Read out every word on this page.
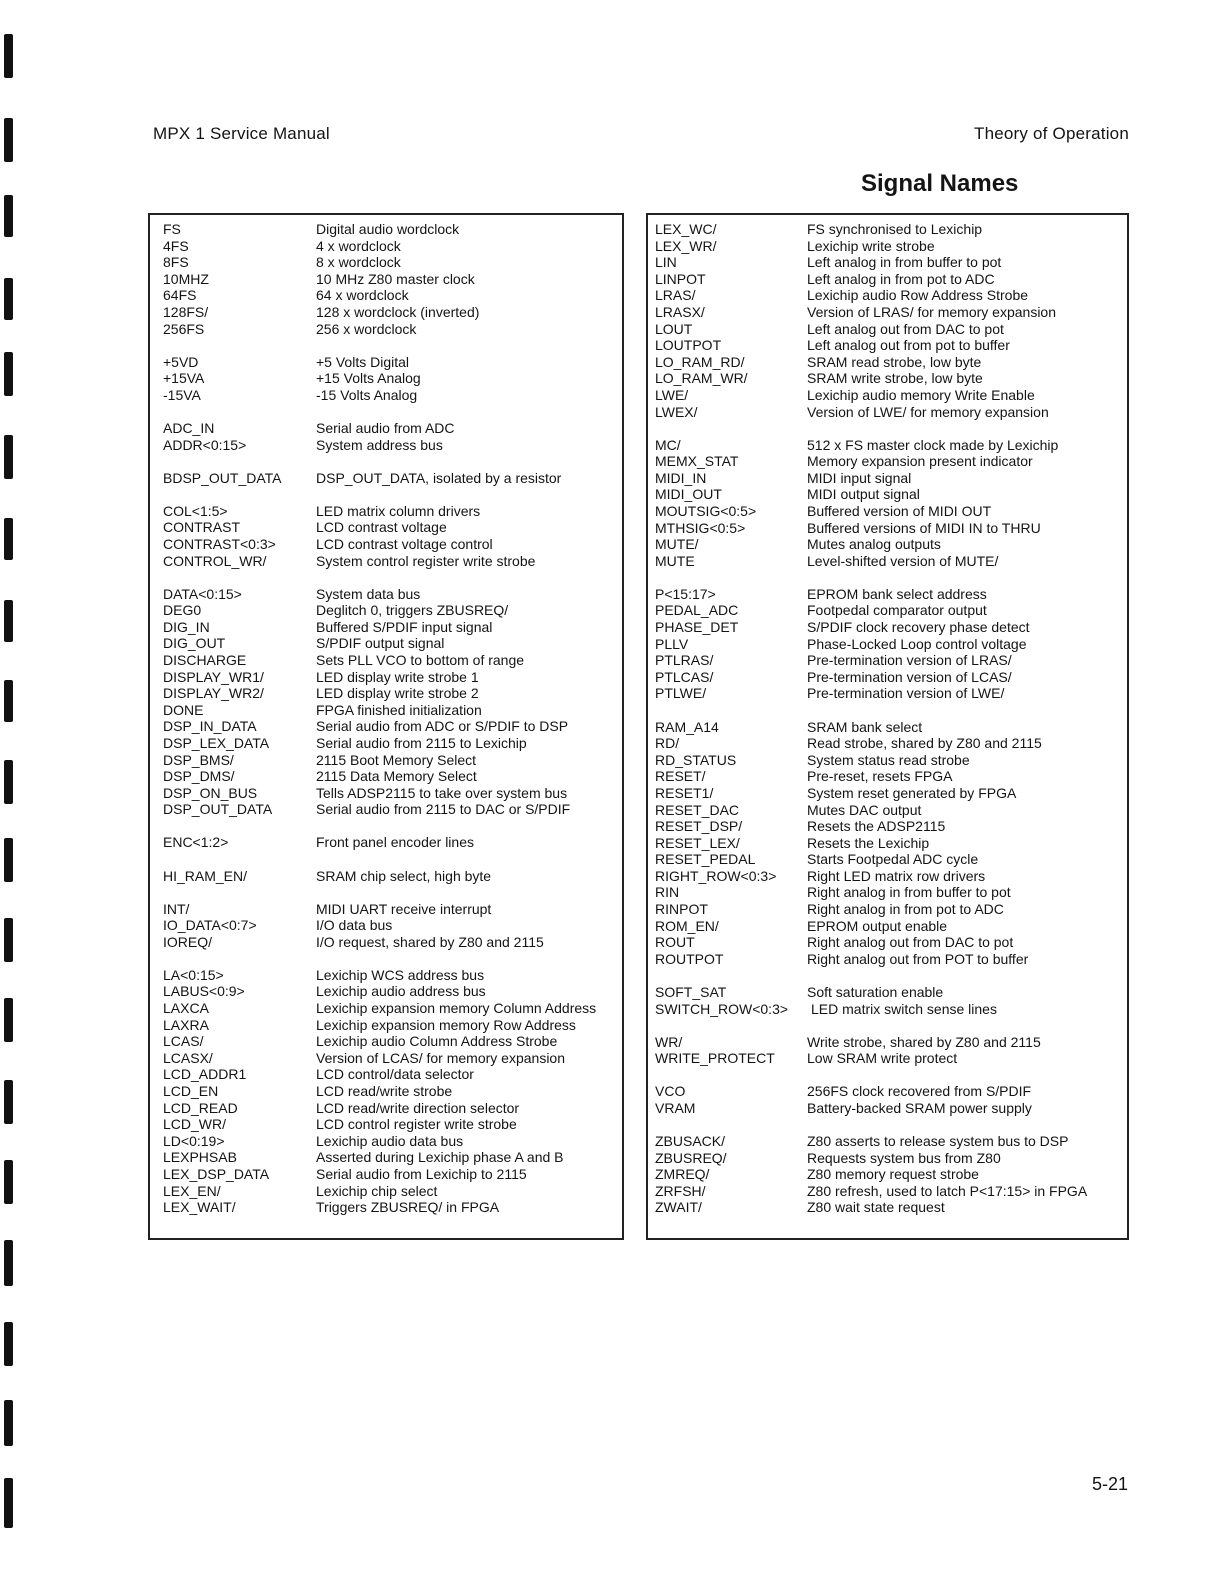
MPX 1 Service Manual	Theory of Operation
Signal Names
FS	Digital audio wordclock
4FS	4 x wordclock
8FS	8 x wordclock
10MHZ	10 MHz Z80 master clock
64FS	64 x wordclock
128FS/	128 x wordclock (inverted)
256FS	256 x wordclock
+5VD	+5 Volts Digital
+15VA	+15 Volts Analog
-15VA	-15 Volts Analog
ADC_IN	Serial audio from ADC
ADDR<0:15>	System address bus
BDSP_OUT_DATA	DSP_OUT_DATA, isolated by a resistor
COL<1:5>	LED matrix column drivers
CONTRAST	LCD contrast voltage
CONTRAST<0:3>	LCD contrast voltage control
CONTROL_WR/	System control register write strobe
DATA<0:15>	System data bus
DEG0	Deglitch 0, triggers ZBUSREQ/
DIG_IN	Buffered S/PDIF input signal
DIG_OUT	S/PDIF output signal
DISCHARGE	Sets PLL VCO to bottom of range
DISPLAY_WR1/	LED display write strobe 1
DISPLAY_WR2/	LED display write strobe 2
DONE	FPGA finished initialization
DSP_IN_DATA	Serial audio from ADC or S/PDIF to DSP
DSP_LEX_DATA	Serial audio from 2115 to Lexichip
DSP_BMS/	2115 Boot Memory Select
DSP_DMS/	2115 Data Memory Select
DSP_ON_BUS	Tells ADSP2115 to take over system bus
DSP_OUT_DATA	Serial audio from 2115 to DAC or S/PDIF
ENC<1:2>	Front panel encoder lines
HI_RAM_EN/	SRAM chip select, high byte
INT/	MIDI UART receive interrupt
IO_DATA<0:7>	I/O data bus
IOREQ/	I/O request, shared by Z80 and 2115
LA<0:15>	Lexichip WCS address bus
LABUS<0:9>	Lexichip audio address bus
LAXCA	Lexichip expansion memory Column Address
LAXRA	Lexichip expansion memory Row Address
LCAS/	Lexichip audio Column Address Strobe
LCASX/	Version of LCAS/ for memory expansion
LCD_ADDR1	LCD control/data selector
LCD_EN	LCD read/write strobe
LCD_READ	LCD read/write direction selector
LCD_WR/	LCD control register write strobe
LD<0:19>	Lexichip audio data bus
LEXPHSAB	Asserted during Lexichip phase A and B
LEX_DSP_DATA	Serial audio from Lexichip to 2115
LEX_EN/	Lexichip chip select
LEX_WAIT/	Triggers ZBUSREQ/ in FPGA
LEX_WC/	FS synchronised to Lexichip
LEX_WR/	Lexichip write strobe
LIN	Left analog in from buffer to pot
LINPOT	Left analog in from pot to ADC
LRAS/	Lexichip audio Row Address Strobe
LRASX/	Version of LRAS/ for memory expansion
LOUT	Left analog out from DAC to pot
LOUTPOT	Left analog out from pot to buffer
LO_RAM_RD/	SRAM read strobe, low byte
LO_RAM_WR/	SRAM write strobe, low byte
LWE/	Lexichip audio memory Write Enable
LWEX/	Version of LWE/ for memory expansion
MC/	512 x FS master clock made by Lexichip
MEMX_STAT	Memory expansion present indicator
MIDI_IN	MIDI input signal
MIDI_OUT	MIDI output signal
MOUTSIG<0:5>	Buffered version of MIDI OUT
MTHSIG<0:5>	Buffered versions of MIDI IN to THRU
MUTE/	Mutes analog outputs
MUTE	Level-shifted version of MUTE/
P<15:17>	EPROM bank select address
PEDAL_ADC	Footpedal comparator output
PHASE_DET	S/PDIF clock recovery phase detect
PLLV	Phase-Locked Loop control voltage
PTLRAS/	Pre-termination version of LRAS/
PTLCAS/	Pre-termination version of LCAS/
PTLWE/	Pre-termination version of LWE/
RAM_A14	SRAM bank select
RD/	Read strobe, shared by Z80 and 2115
RD_STATUS	System status read strobe
RESET/	Pre-reset, resets FPGA
RESET1/	System reset generated by FPGA
RESET_DAC	Mutes DAC output
RESET_DSP/	Resets the ADSP2115
RESET_LEX/	Resets the Lexichip
RESET_PEDAL	Starts Footpedal ADC cycle
RIGHT_ROW<0:3>	Right LED matrix row drivers
RIN	Right analog in from buffer to pot
RINPOT	Right analog in from pot to ADC
ROM_EN/	EPROM output enable
ROUT	Right analog out from DAC to pot
ROUTPOT	Right analog out from POT to buffer
SOFT_SAT	Soft saturation enable
SWITCH_ROW<0:3>	LED matrix switch sense lines
WR/	Write strobe, shared by Z80 and 2115
WRITE_PROTECT	Low SRAM write protect
VCO	256FS clock recovered from S/PDIF
VRAM	Battery-backed SRAM power supply
ZBUSACK/	Z80 asserts to release system bus to DSP
ZBUSREQ/	Requests system bus from Z80
ZMREQ/	Z80 memory request strobe
ZRFSH/	Z80 refresh, used to latch P<17:15> in FPGA
ZWAIT/	Z80 wait state request
5-21
